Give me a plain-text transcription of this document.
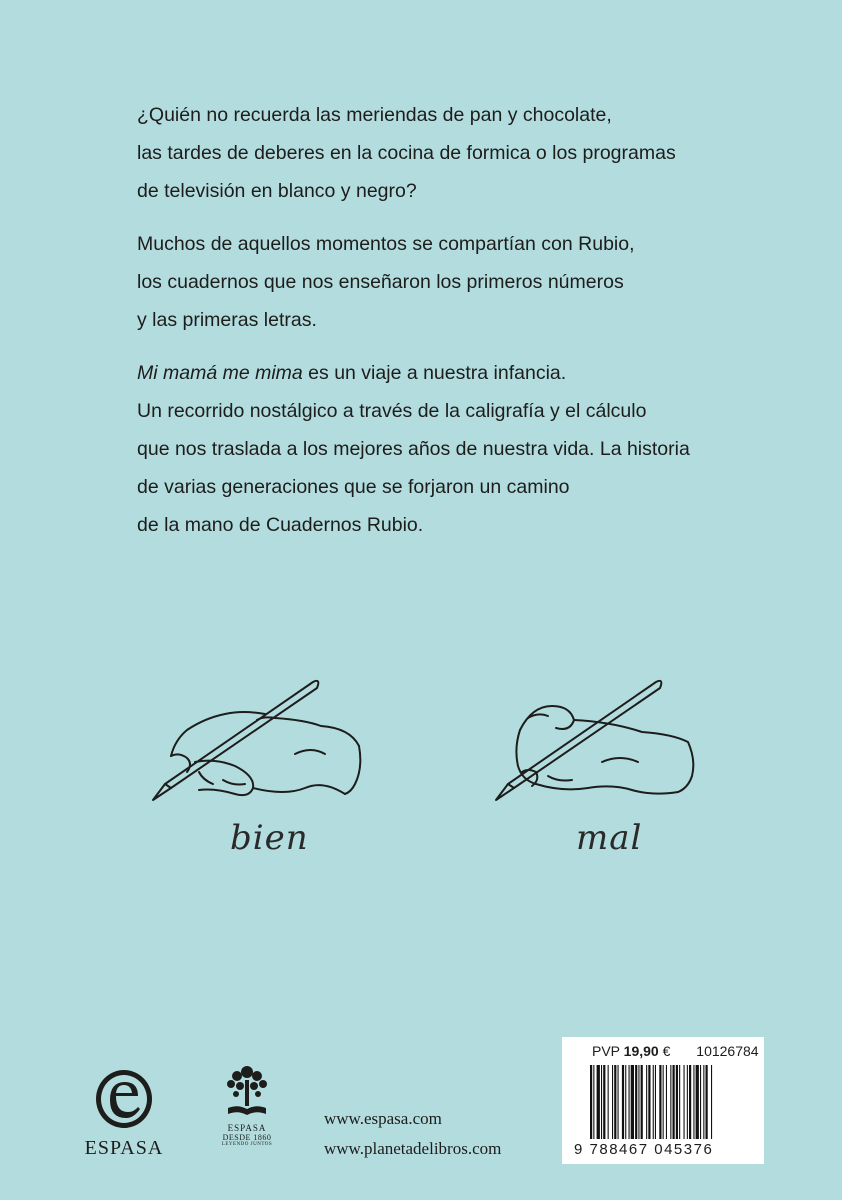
¿Quién no recuerda las meriendas de pan y chocolate,
las tardes de deberes en la cocina de formica o los programas
de televisión en blanco y negro?

Muchos de aquellos momentos se compartían con Rubio,
los cuadernos que nos enseñaron los primeros números
y las primeras letras.

Mi mamá me mima es un viaje a nuestra infancia.
Un recorrido nostálgico a través de la caligrafía y el cálculo
que nos traslada a los mejores años de nuestra vida. La historia
de varias generaciones que se forjaron un camino
de la mano de Cuadernos Rubio.

bien	mal
ESPASA
ESPASA
DESDE 1860
LEYENDO JUNTOS
www.espasa.com
www.planetadelibros.com
PVP 19,90 € 10126784
9 788467 045376
